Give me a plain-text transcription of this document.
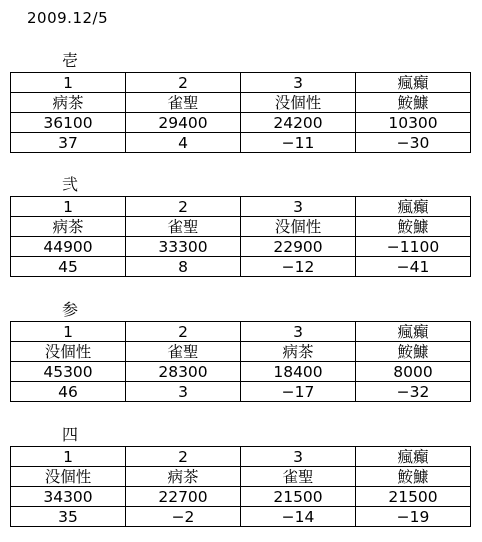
2009.12/5
壱
1	2	3	瘋癲
病茶	雀聖	没個性	鮟鱇
36100	29400	24200	10300
37	4	−11	−30
弐
1	2	3	瘋癲
病茶	雀聖	没個性	鮟鱇
44900	33300	22900	−1100
45	8	−12	−41
参
1	2	3	瘋癲
没個性	雀聖	病茶	鮟鱇
45300	28300	18400	8000
46	3	−17	−32
四
1	2	3	瘋癲
没個性	病茶	雀聖	鮟鱇
34300	22700	21500	21500
35	−2	−14	−19
